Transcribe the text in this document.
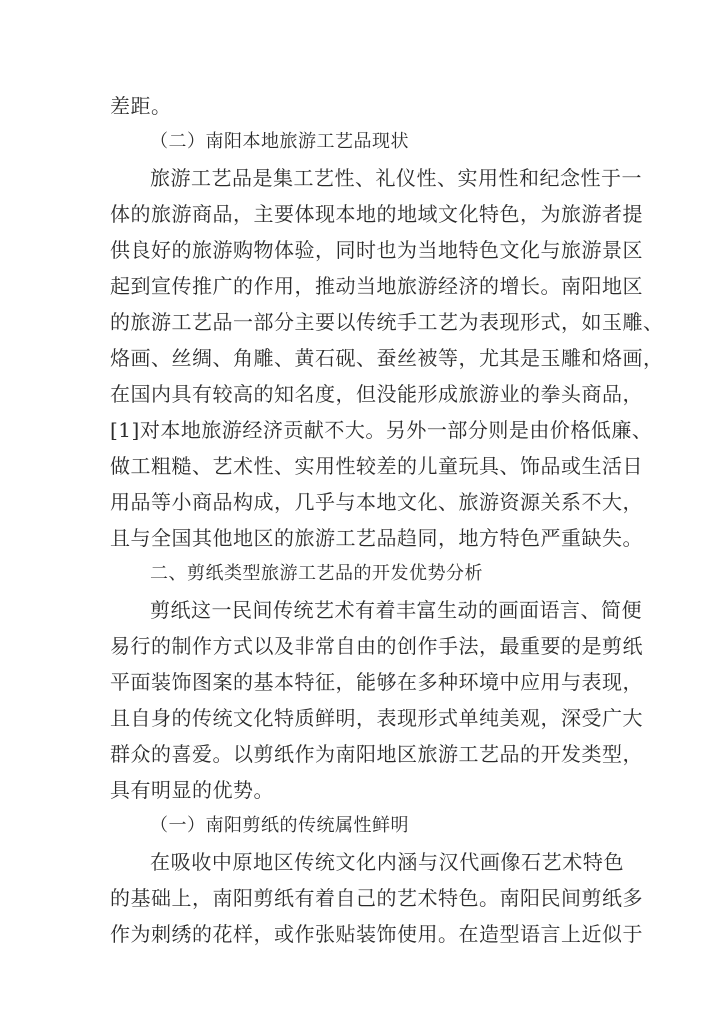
差距。
（二）南阳本地旅游工艺品现状
旅游工艺品是集工艺性、礼仪性、实用性和纪念性于一
体的旅游商品，主要体现本地的地域文化特色，为旅游者提
供良好的旅游购物体验，同时也为当地特色文化与旅游景区
起到宣传推广的作用，推动当地旅游经济的增长。南阳地区
的旅游工艺品一部分主要以传统手工艺为表现形式，如玉雕、
烙画、丝绸、角雕、黄石砚、蚕丝被等，尤其是玉雕和烙画，
在国内具有较高的知名度，但没能形成旅游业的拳头商品，
[1]对本地旅游经济贡献不大。另外一部分则是由价格低廉、
做工粗糙、艺术性、实用性较差的儿童玩具、饰品或生活日
用品等小商品构成，几乎与本地文化、旅游资源关系不大，
且与全国其他地区的旅游工艺品趋同，地方特色严重缺失。
二、剪纸类型旅游工艺品的开发优势分析
剪纸这一民间传统艺术有着丰富生动的画面语言、简便
易行的制作方式以及非常自由的创作手法，最重要的是剪纸
平面装饰图案的基本特征，能够在多种环境中应用与表现，
且自身的传统文化特质鲜明，表现形式单纯美观，深受广大
群众的喜爱。以剪纸作为南阳地区旅游工艺品的开发类型，
具有明显的优势。
（一）南阳剪纸的传统属性鲜明
在吸收中原地区传统文化内涵与汉代画像石艺术特色
的基础上，南阳剪纸有着自己的艺术特色。南阳民间剪纸多
作为刺绣的花样，或作张贴装饰使用。在造型语言上近似于
